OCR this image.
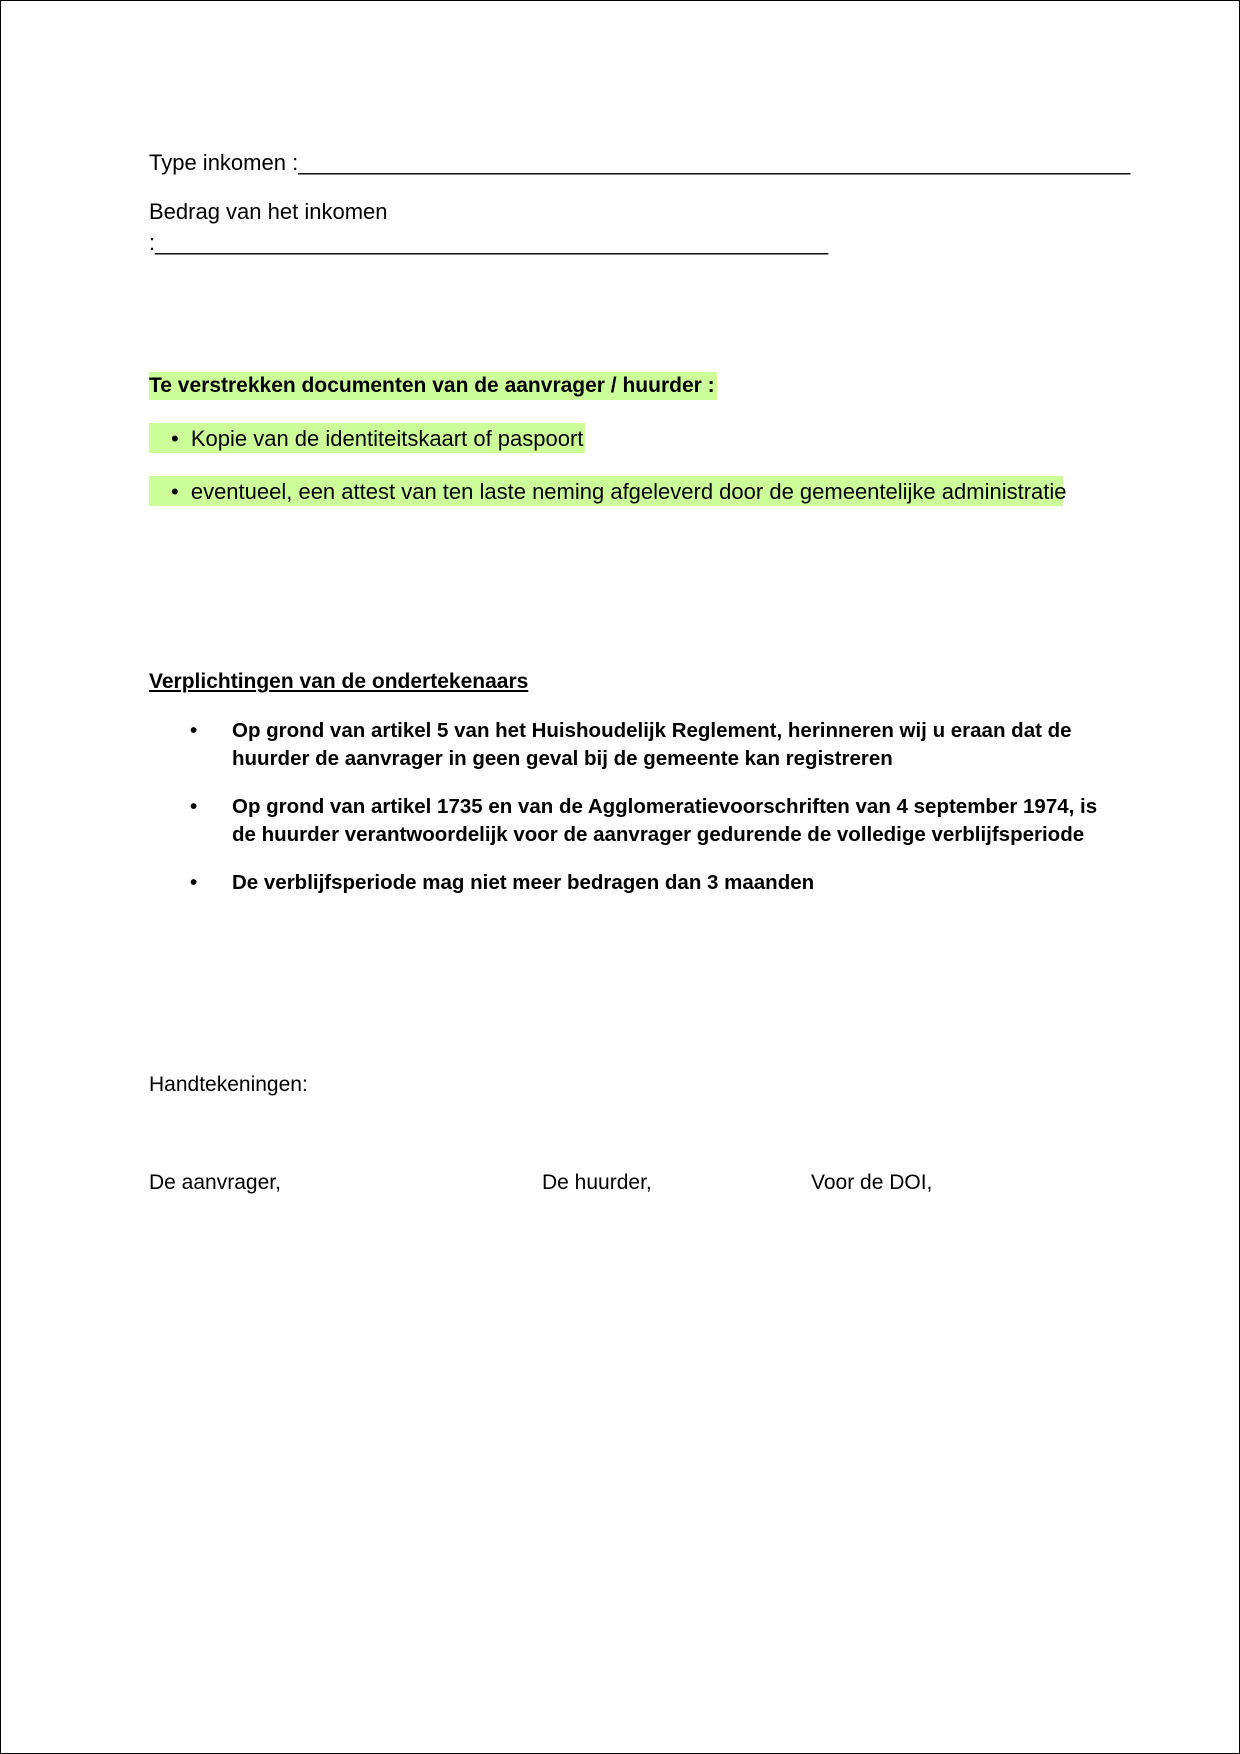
Type inkomen :____________________________________________________________________
Bedrag van het inkomen
:_______________________________________________________
Te verstrekken documenten van de aanvrager / huurder :
• Kopie van de identiteitskaart of paspoort
• eventueel, een attest van ten laste neming afgeleverd door de gemeentelijke administratie
Verplichtingen van de ondertekenaars
•	Op grond van artikel 5 van het Huishoudelijk Reglement, herinneren wij u eraan dat de huurder de aanvrager in geen geval bij de gemeente kan registreren
•	Op grond van artikel 1735 en van de Agglomeratievoorschriften van 4 september 1974, is de huurder verantwoordelijk voor de aanvrager gedurende de volledige verblijfsperiode
•	De verblijfsperiode mag niet meer bedragen dan 3 maanden
Handtekeningen:
De aanvrager,	De huurder,	Voor de DOI,
